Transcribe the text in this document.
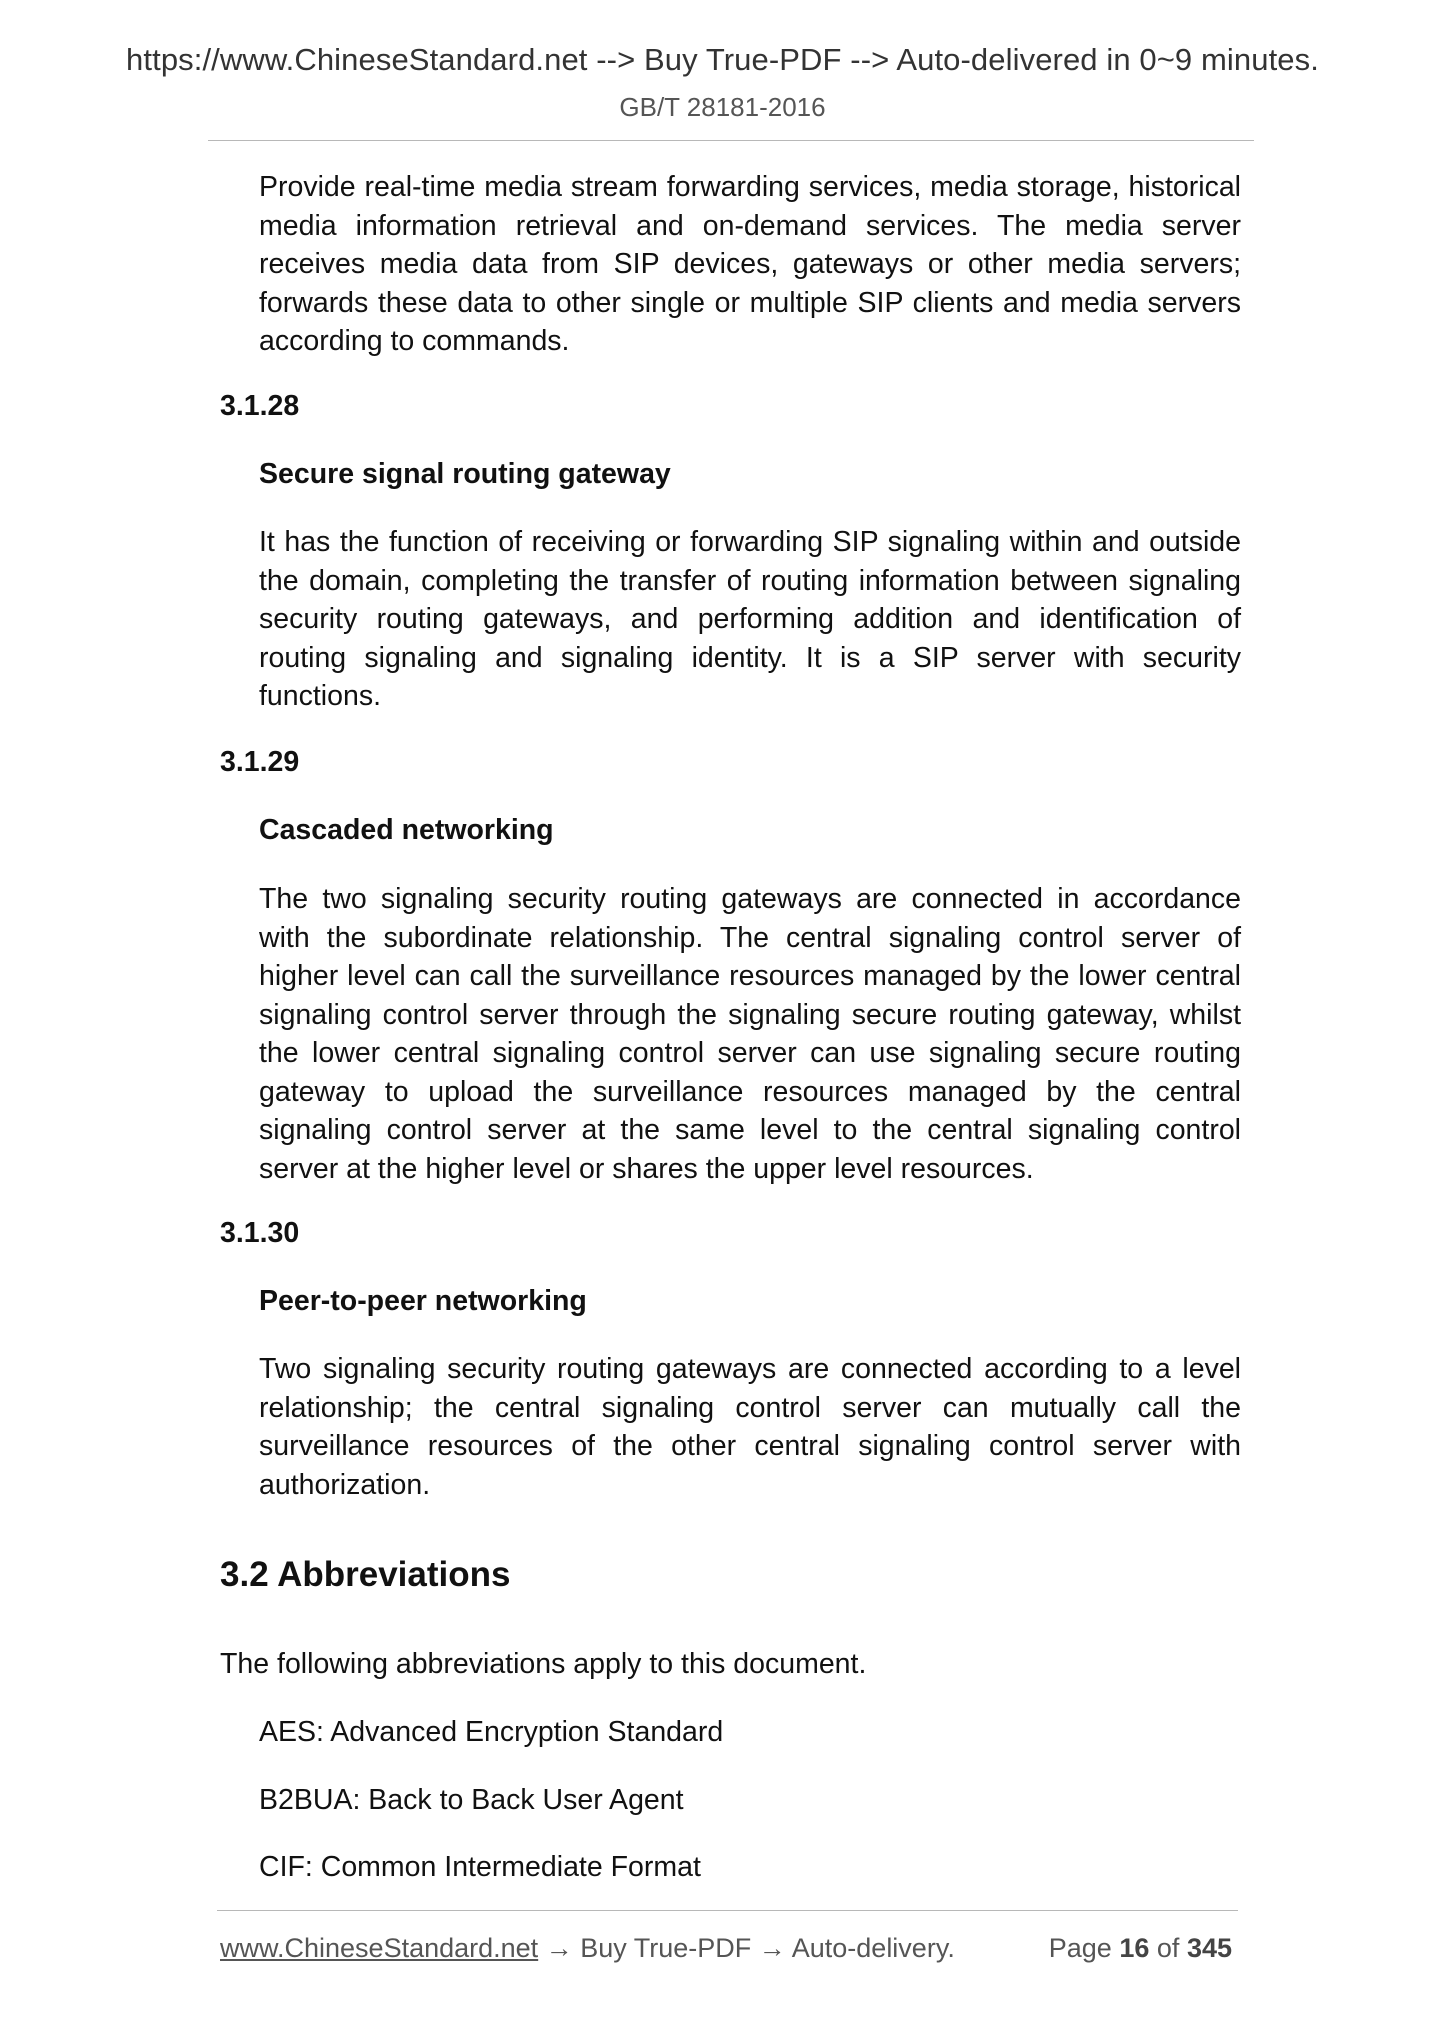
https://www.ChineseStandard.net --> Buy True-PDF --> Auto-delivered in 0~9 minutes.
GB/T 28181-2016

Provide real-time media stream forwarding services, media storage, historical media information retrieval and on-demand services. The media server receives media data from SIP devices, gateways or other media servers; forwards these data to other single or multiple SIP clients and media servers according to commands.

3.1.28

Secure signal routing gateway

It has the function of receiving or forwarding SIP signaling within and outside the domain, completing the transfer of routing information between signaling security routing gateways, and performing addition and identification of routing signaling and signaling identity. It is a SIP server with security functions.

3.1.29

Cascaded networking

The two signaling security routing gateways are connected in accordance with the subordinate relationship. The central signaling control server of higher level can call the surveillance resources managed by the lower central signaling control server through the signaling secure routing gateway, whilst the lower central signaling control server can use signaling secure routing gateway to upload the surveillance resources managed by the central signaling control server at the same level to the central signaling control server at the higher level or shares the upper level resources.

3.1.30

Peer-to-peer networking

Two signaling security routing gateways are connected according to a level relationship; the central signaling control server can mutually call the surveillance resources of the other central signaling control server with authorization.

3.2 Abbreviations

The following abbreviations apply to this document.

AES: Advanced Encryption Standard

B2BUA: Back to Back User Agent

CIF: Common Intermediate Format

www.ChineseStandard.net → Buy True-PDF → Auto-delivery.	Page 16 of 345
